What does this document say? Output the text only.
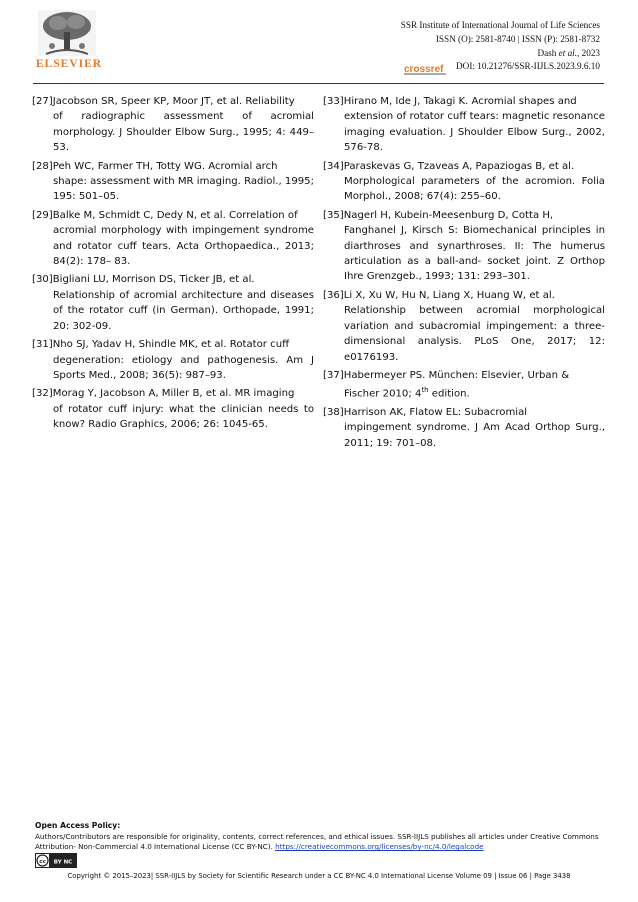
ELSEVIER
SSR Institute of International Journal of Life Sciences
ISSN (O): 2581-8740 | ISSN (P): 2581-8732
Dash et al., 2023
crossref DOI: 10.21276/SSR-IIJLS.2023.9.6.10
[27]Jacobson SR, Speer KP, Moor JT, et al. Reliability

of radiographic assessment of acromial morphology. J Shoulder Elbow Surg., 1995; 4: 449–53.
[28]Peh WC, Farmer TH, Totty WG. Acromial arch

shape: assessment with MR imaging. Radiol., 1995; 195: 501–05.
[29]Balke M, Schmidt C, Dedy N, et al. Correlation of

acromial morphology with impingement syndrome and rotator cuff tears. Acta Orthopaedica., 2013; 84(2): 178– 83.
[30]Bigliani LU, Morrison DS, Ticker JB, et al.

Relationship of acromial architecture and diseases of the rotator cuff (in German). Orthopade, 1991; 20: 302-09.
[31]Nho SJ, Yadav H, Shindle MK, et al. Rotator cuff

degeneration: etiology and pathogenesis. Am J Sports Med., 2008; 36(5): 987–93.
[32]Morag Y, Jacobson A, Miller B, et al. MR imaging

of rotator cuff injury: what the clinician needs to know? Radio Graphics, 2006; 26: 1045-65.
[33]Hirano M, Ide J, Takagi K. Acromial shapes and

extension of rotator cuff tears: magnetic resonance imaging evaluation. J Shoulder Elbow Surg., 2002, 576-78.
[34]Paraskevas G, Tzaveas A, Papaziogas B, et al.

Morphological parameters of the acromion. Folia Morphol., 2008; 67(4): 255–60.
[35]Nagerl H, Kubein-Meesenburg D, Cotta H,

Fanghanel J, Kirsch S: Biomechanical principles in diarthroses and synarthroses. II: The humerus articulation as a ball-and- socket joint. Z Orthop Ihre Grenzgeb., 1993; 131: 293–301.
[36]Li X, Xu W, Hu N, Liang X, Huang W, et al.

Relationship between acromial morphological variation and subacromial impingement: a three-dimensional analysis. PLoS One, 2017; 12: e0176193.
[37]Habermeyer PS. München: Elsevier, Urban &

Fischer 2010; 4th edition.
[38]Harrison AK, Flatow EL: Subacromial

impingement syndrome. J Am Acad Orthop Surg., 2011; 19: 701–08.
Open Access Policy:
Authors/Contributors are responsible for originality, contents, correct references, and ethical issues. SSR-IIJLS publishes all articles under Creative Commons Attribution- Non-Commercial 4.0 International License (CC BY-NC). https://creativecommons.org/licenses/by-nc/4.0/legalcode
cc BY NC
Copyright © 2015–2023| SSR-IIJLS by Society for Scientific Research under a CC BY-NC 4.0 International License Volume 09 | Issue 06 | Page 3438
